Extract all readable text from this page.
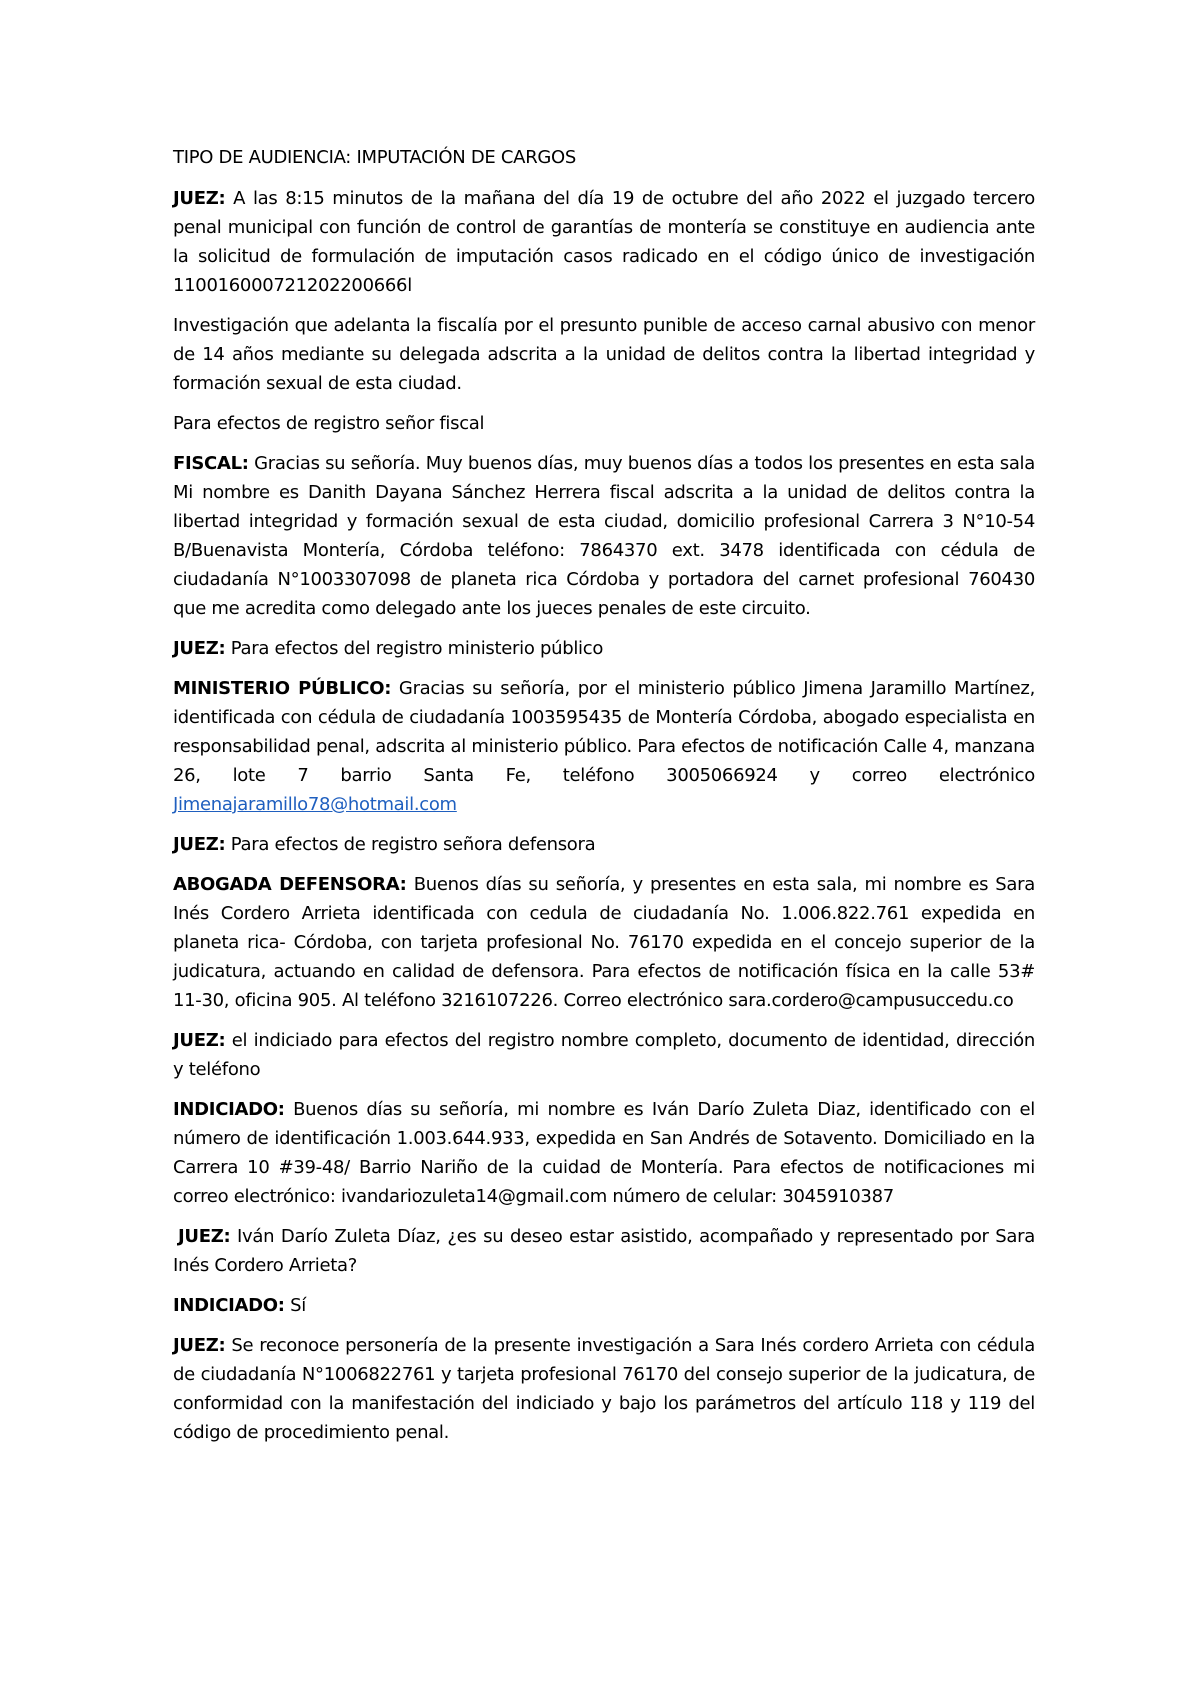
TIPO DE AUDIENCIA: IMPUTACIÓN DE CARGOS

JUEZ: A las 8:15 minutos de la mañana del día 19 de octubre del año 2022 el juzgado tercero penal municipal con función de control de garantías de montería se constituye en audiencia ante la solicitud de formulación de imputación casos radicado en el código único de investigación 110016000721202200666l

Investigación que adelanta la fiscalía por el presunto punible de acceso carnal abusivo con menor de 14 años mediante su delegada adscrita a la unidad de delitos contra la libertad integridad y formación sexual de esta ciudad.

Para efectos de registro señor fiscal

FISCAL: Gracias su señoría. Muy buenos días, muy buenos días a todos los presentes en esta sala Mi nombre es Danith Dayana Sánchez Herrera fiscal adscrita a la unidad de delitos contra la libertad integridad y formación sexual de esta ciudad, domicilio profesional Carrera 3 N°10-54 B/Buenavista Montería, Córdoba teléfono: 7864370 ext. 3478 identificada con cédula de ciudadanía N°1003307098 de planeta rica Córdoba y portadora del carnet profesional 760430 que me acredita como delegado ante los jueces penales de este circuito.

JUEZ: Para efectos del registro ministerio público

MINISTERIO PÚBLICO: Gracias su señoría, por el ministerio público Jimena Jaramillo Martínez, identificada con cédula de ciudadanía 1003595435 de Montería Córdoba, abogado especialista en responsabilidad penal, adscrita al ministerio público. Para efectos de notificación Calle 4, manzana 26, lote 7 barrio Santa Fe, teléfono 3005066924 y correo electrónico Jimenajaramillo78@hotmail.com

JUEZ: Para efectos de registro señora defensora

ABOGADA DEFENSORA: Buenos días su señoría, y presentes en esta sala, mi nombre es Sara Inés Cordero Arrieta identificada con cedula de ciudadanía No. 1.006.822.761 expedida en planeta rica- Córdoba, con tarjeta profesional No. 76170 expedida en el concejo superior de la judicatura, actuando en calidad de defensora. Para efectos de notificación física en la calle 53# 11-30, oficina 905. Al teléfono 3216107226. Correo electrónico sara.cordero@campusuccedu.co

JUEZ: el indiciado para efectos del registro nombre completo, documento de identidad, dirección y teléfono

INDICIADO: Buenos días su señoría, mi nombre es Iván Darío Zuleta Diaz, identificado con el número de identificación 1.003.644.933, expedida en San Andrés de Sotavento. Domiciliado en la Carrera 10 #39-48/ Barrio Nariño de la cuidad de Montería. Para efectos de notificaciones mi correo electrónico: ivandariozuleta14@gmail.com número de celular: 3045910387

JUEZ: Iván Darío Zuleta Díaz, ¿es su deseo estar asistido, acompañado y representado por Sara Inés Cordero Arrieta?

INDICIADO: Sí

JUEZ: Se reconoce personería de la presente investigación a Sara Inés cordero Arrieta con cédula de ciudadanía N°1006822761 y tarjeta profesional 76170 del consejo superior de la judicatura, de conformidad con la manifestación del indiciado y bajo los parámetros del artículo 118 y 119 del código de procedimiento penal.
